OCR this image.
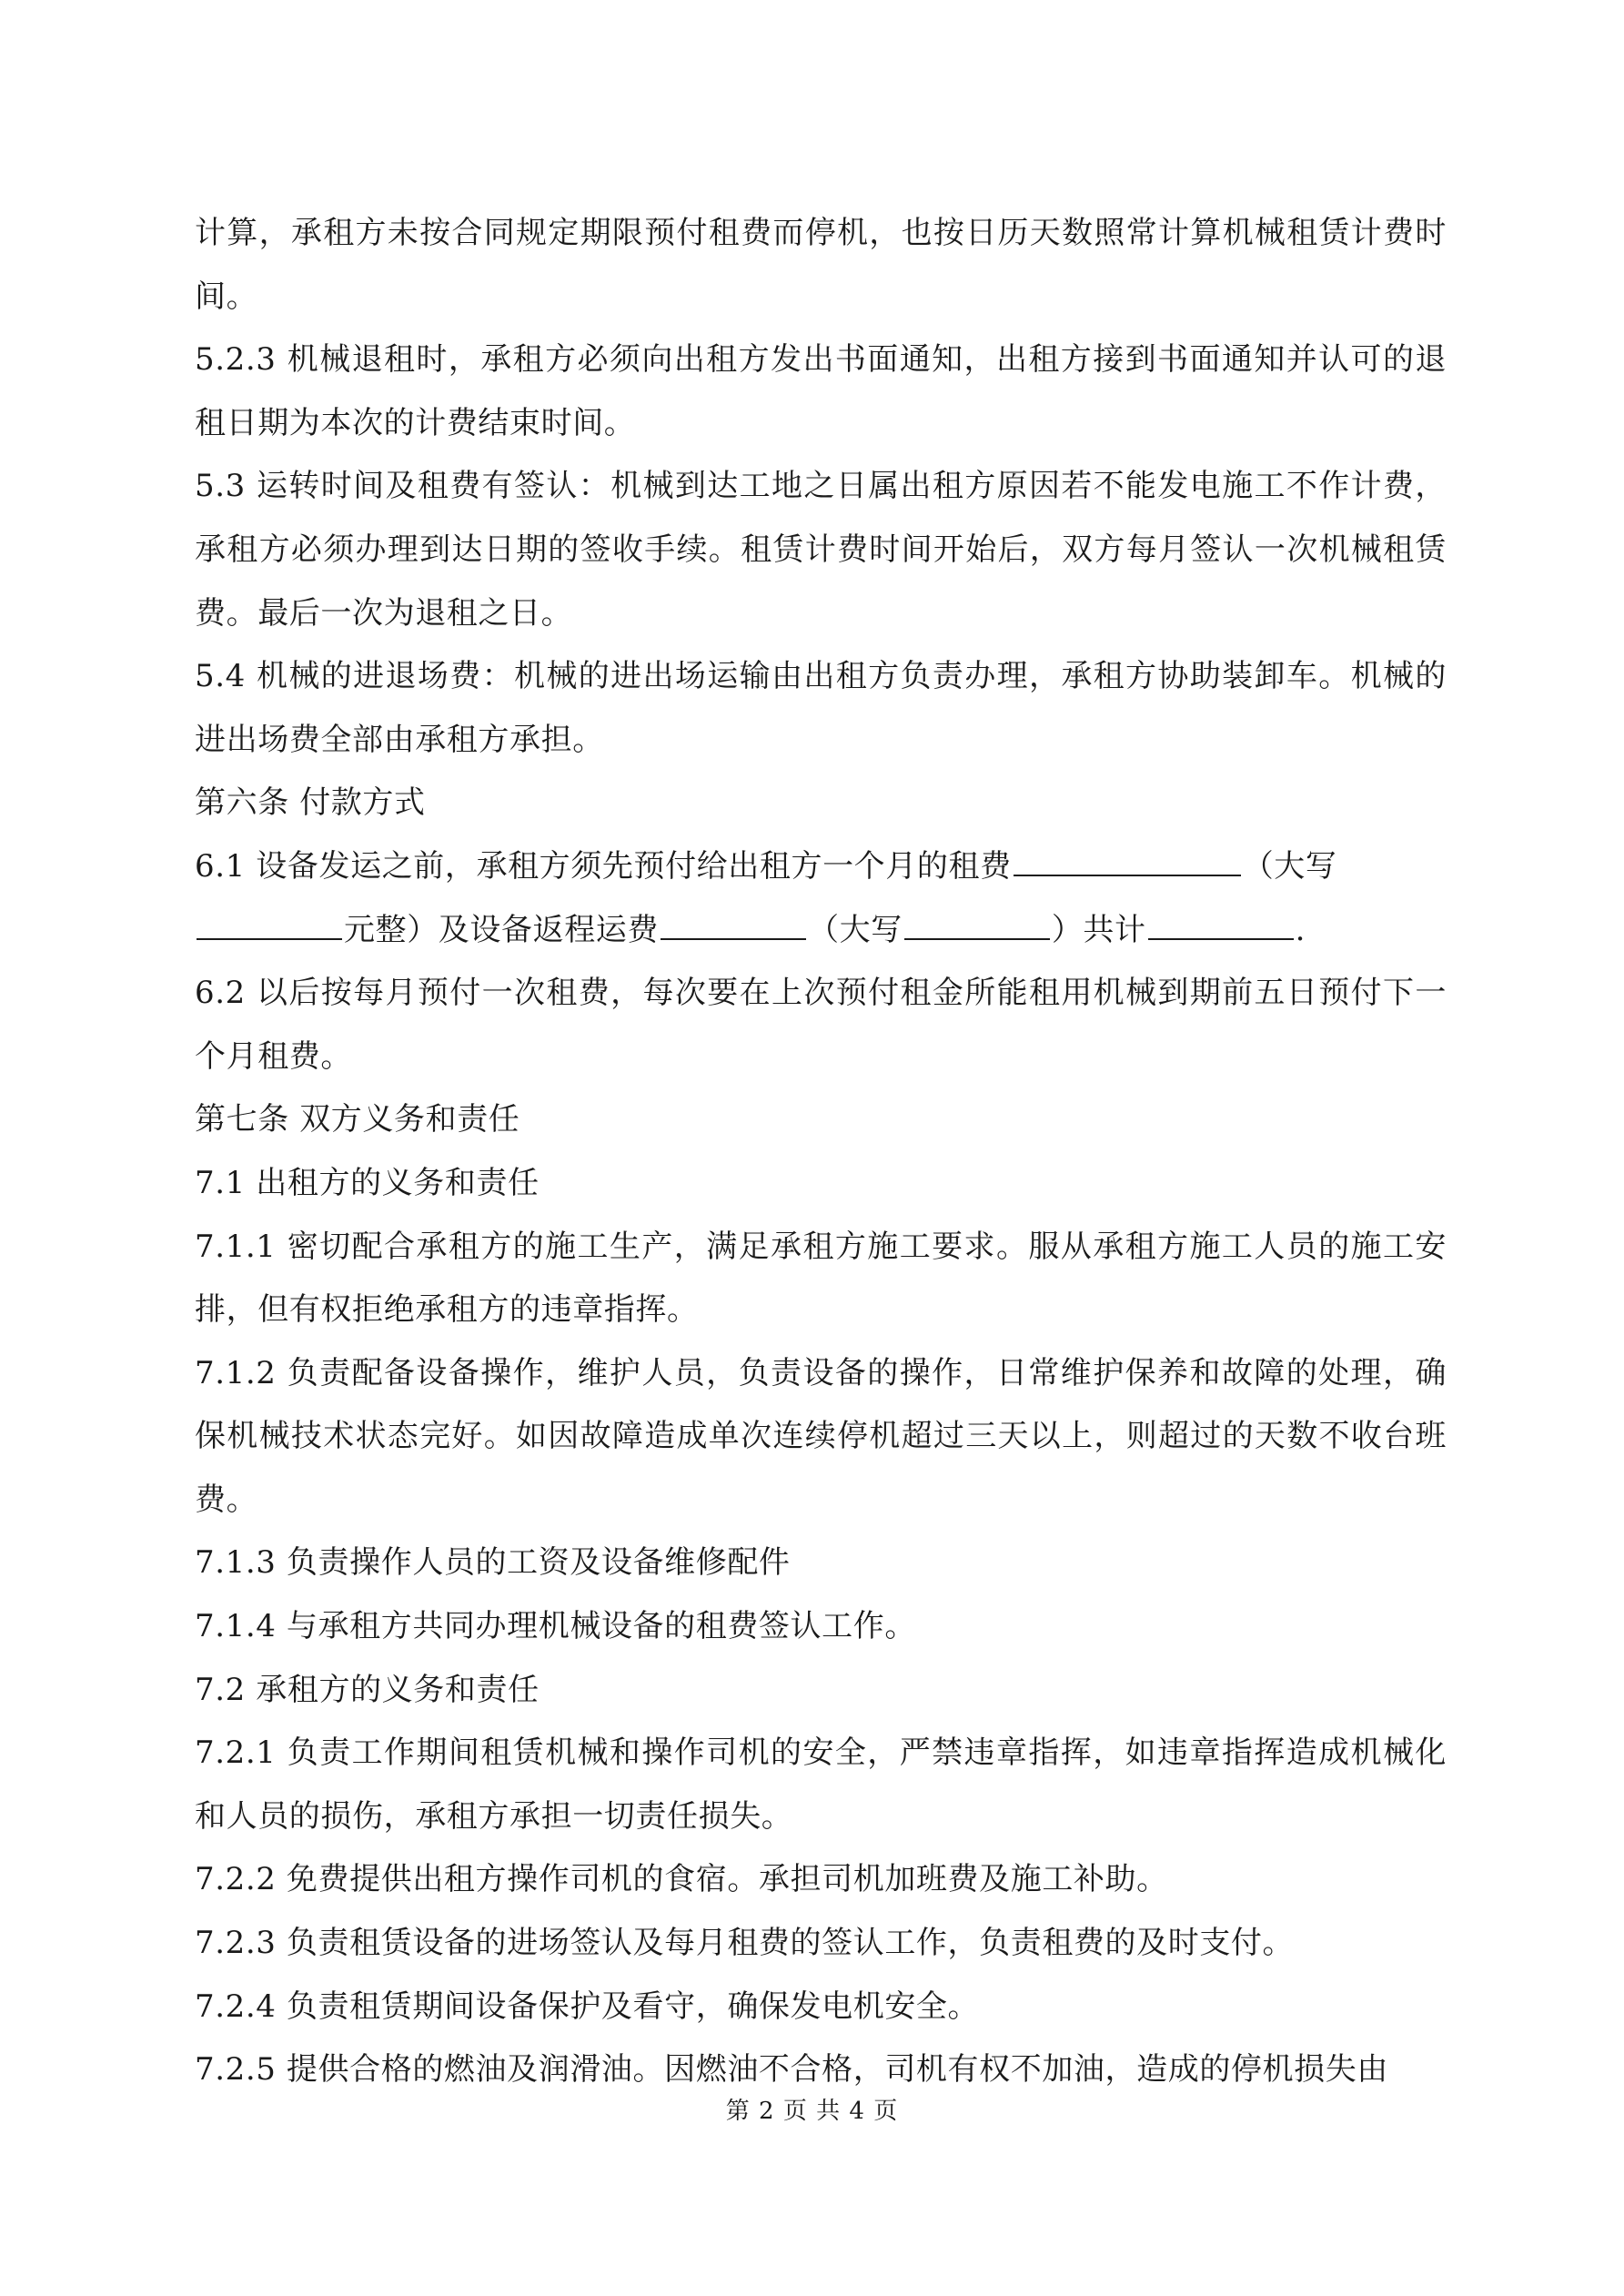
计算，承租方未按合同规定期限预付租费而停机，也按日历天数照常计算机械租赁计费时间。

5.2.3 机械退租时，承租方必须向出租方发出书面通知，出租方接到书面通知并认可的退租日期为本次的计费结束时间。

5.3 运转时间及租费有签认：机械到达工地之日属出租方原因若不能发电施工不作计费，承租方必须办理到达日期的签收手续。租赁计费时间开始后，双方每月签认一次机械租赁费。最后一次为退租之日。

5.4 机械的进退场费：机械的进出场运输由出租方负责办理，承租方协助装卸车。机械的进出场费全部由承租方承担。

第六条 付款方式

6.1 设备发运之前，承租方须先预付给出租方一个月的租费	（大写
元整）及设备返程运费	（大写	）共计	.

6.2 以后按每月预付一次租费，每次要在上次预付租金所能租用机械到期前五日预付下一个月租费。

第七条 双方义务和责任

7.1 出租方的义务和责任

7.1.1 密切配合承租方的施工生产，满足承租方施工要求。服从承租方施工人员的施工安排，但有权拒绝承租方的违章指挥。

7.1.2 负责配备设备操作，维护人员，负责设备的操作，日常维护保养和故障的处理，确保机械技术状态完好。如因故障造成单次连续停机超过三天以上，则超过的天数不收台班费。

7.1.3 负责操作人员的工资及设备维修配件

7.1.4 与承租方共同办理机械设备的租费签认工作。

7.2 承租方的义务和责任

7.2.1 负责工作期间租赁机械和操作司机的安全，严禁违章指挥，如违章指挥造成机械化和人员的损伤，承租方承担一切责任损失。

7.2.2 免费提供出租方操作司机的食宿。承担司机加班费及施工补助。

7.2.3 负责租赁设备的进场签认及每月租费的签认工作，负责租费的及时支付。

7.2.4 负责租赁期间设备保护及看守，确保发电机安全。

7.2.5 提供合格的燃油及润滑油。因燃油不合格，司机有权不加油，造成的停机损失由

第 2 页 共 4 页
